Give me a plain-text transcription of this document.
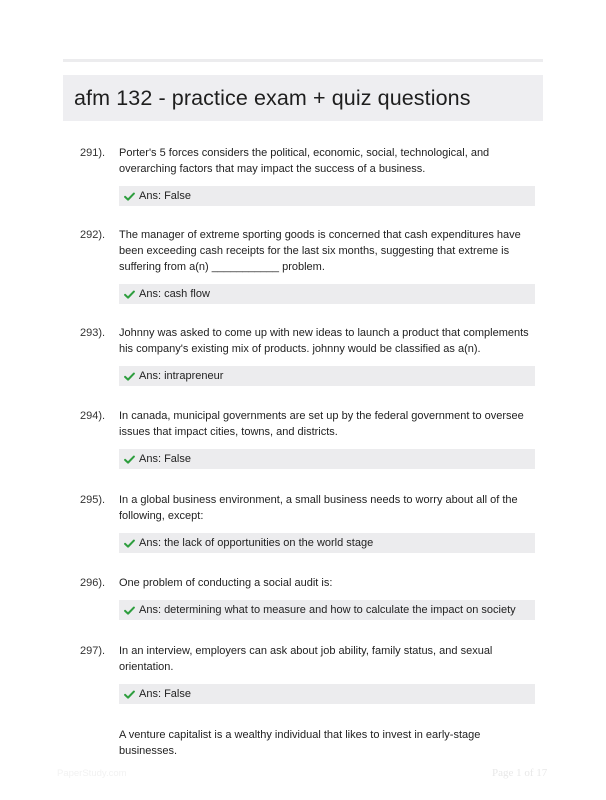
afm 132 - practice exam + quiz questions
291).	Porter's 5 forces considers the political, economic, social, technological, and overarching factors that may impact the success of a business.
Ans: False
292).	The manager of extreme sporting goods is concerned that cash expenditures have been exceeding cash receipts for the last six months, suggesting that extreme is suffering from a(n) ___________ problem.
Ans: cash flow
293).	Johnny was asked to come up with new ideas to launch a product that complements his company's existing mix of products. johnny would be classified as a(n).
Ans: intrapreneur
294).	In canada, municipal governments are set up by the federal government to oversee issues that impact cities, towns, and districts.
Ans: False
295).	In a global business environment, a small business needs to worry about all of the following, except:
Ans: the lack of opportunities on the world stage
296).	One problem of conducting a social audit is:
Ans: determining what to measure and how to calculate the impact on society
297).	In an interview, employers can ask about job ability, family status, and sexual orientation.
Ans: False
A venture capitalist is a wealthy individual that likes to invest in early-stage businesses.
PaperStudy.com	Page 1 of 17
